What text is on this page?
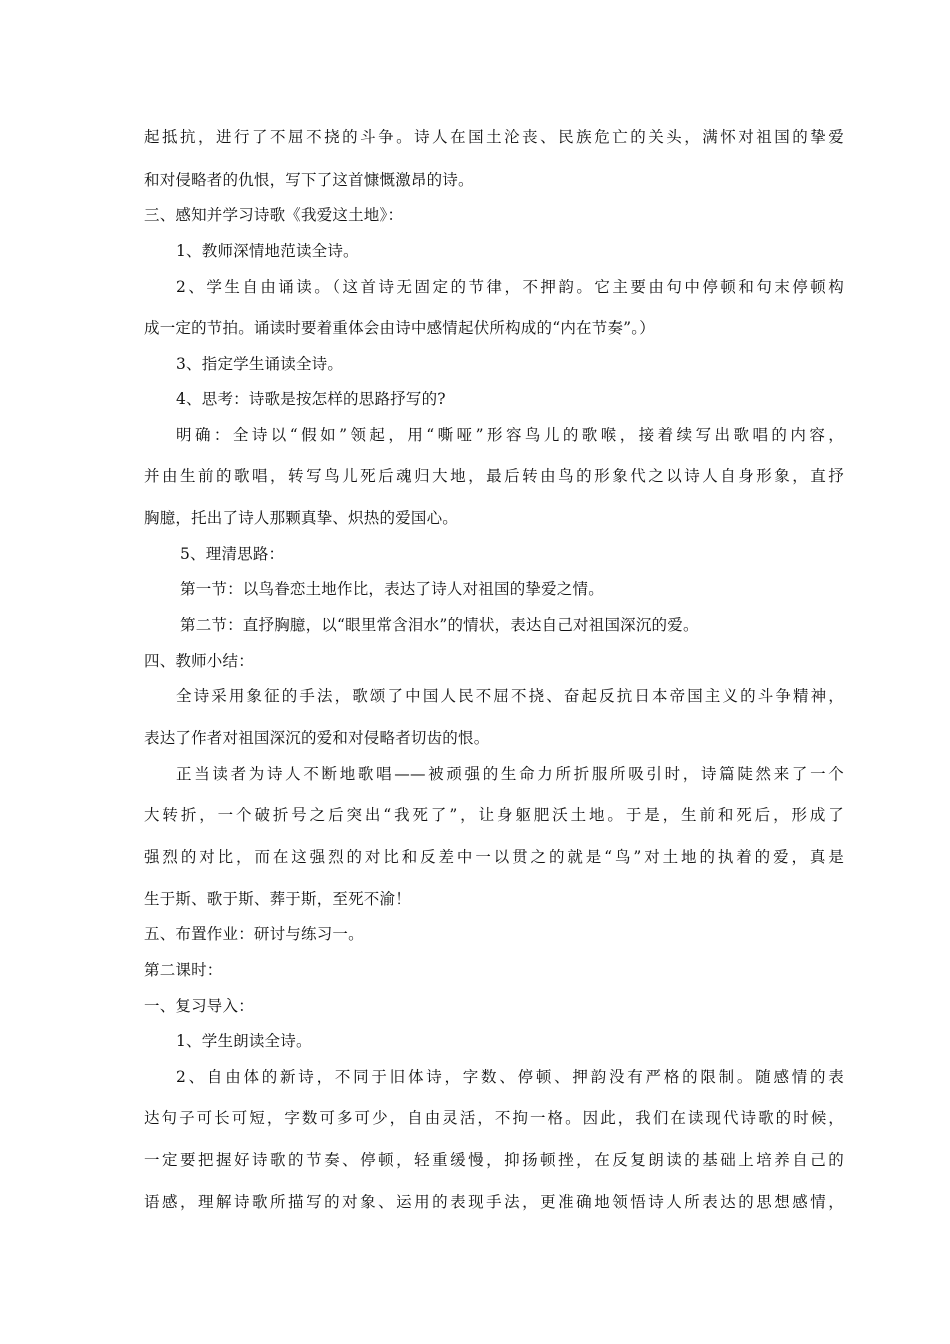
起抵抗，进行了不屈不挠的斗争。诗人在国土沦丧、民族危亡的关头，满怀对祖国的挚爱
和对侵略者的仇恨，写下了这首慷慨激昂的诗。
三、感知并学习诗歌《我爱这土地》：
1、教师深情地范读全诗。
2、学生自由诵读。（这首诗无固定的节律，不押韵。它主要由句中停顿和句末停顿构
成一定的节拍。诵读时要着重体会由诗中感情起伏所构成的“内在节奏”。）
3、指定学生诵读全诗。
4、思考：诗歌是按怎样的思路抒写的?
明确：全诗以“假如”领起，用“嘶哑”形容鸟儿的歌喉，接着续写出歌唱的内容，
并由生前的歌唱，转写鸟儿死后魂归大地，最后转由鸟的形象代之以诗人自身形象，直抒
胸臆，托出了诗人那颗真挚、炽热的爱国心。
5、理清思路：
第一节：以鸟眷恋土地作比，表达了诗人对祖国的挚爱之情。
第二节：直抒胸臆，以“眼里常含泪水”的情状，表达自己对祖国深沉的爱。
四、教师小结：
全诗采用象征的手法，歌颂了中国人民不屈不挠、奋起反抗日本帝国主义的斗争精神，
表达了作者对祖国深沉的爱和对侵略者切齿的恨。
正当读者为诗人不断地歌唱——被顽强的生命力所折服所吸引时，诗篇陡然来了一个
大转折，一个破折号之后突出“我死了”，让身躯肥沃土地。于是，生前和死后，形成了
强烈的对比，而在这强烈的对比和反差中一以贯之的就是“鸟”对土地的执着的爱，真是
生于斯、歌于斯、葬于斯，至死不渝！
五、布置作业：研讨与练习一。
第二课时：
一、复习导入：
1、学生朗读全诗。
2、自由体的新诗，不同于旧体诗，字数、停顿、押韵没有严格的限制。随感情的表
达句子可长可短，字数可多可少，自由灵活，不拘一格。因此，我们在读现代诗歌的时候，
一定要把握好诗歌的节奏、停顿，轻重缓慢，抑扬顿挫，在反复朗读的基础上培养自己的
语感，理解诗歌所描写的对象、运用的表现手法，更准确地领悟诗人所表达的思想感情，
